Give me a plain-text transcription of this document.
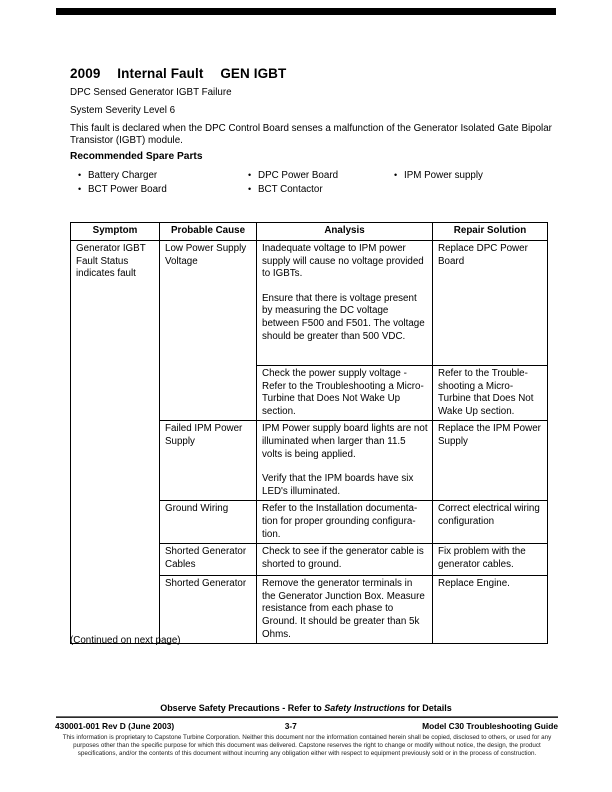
2009 Internal Fault GEN IGBT
DPC Sensed Generator IGBT Failure
System Severity Level 6
This fault is declared when the DPC Control Board senses a malfunction of the Generator Isolated Gate Bipolar Transistor (IGBT) module.
Recommended Spare Parts
• Battery Charger
• BCT Power Board
• DPC Power Board
• BCT Contactor
• IPM Power supply
Symptom	Probable Cause	Analysis	Repair Solution
Generator IGBT Fault Status indicates fault	Low Power Supply Voltage	Inadequate voltage to IPM power supply will cause no voltage provided to IGBTs.

Ensure that there is voltage present by measuring the DC voltage between F500 and F501. The voltage should be greater than 500 VDC.	Replace DPC Power Board

		Check the power supply voltage - Refer to the Troubleshooting a Micro-Turbine that Does Not Wake Up section.	Refer to the Trouble-shooting a Micro-Turbine that Does Not Wake Up section.
	Failed IPM Power Supply	IPM Power supply board lights are not illuminated when larger than 11.5 volts is being applied.

Verify that the IPM boards have six LED's illuminated.	Replace the IPM Power Supply
	Ground Wiring	Refer to the Installation documenta-tion for proper grounding configura-tion.	Correct electrical wiring configuration
	Shorted Generator Cables	Check to see if the generator cable is shorted to ground.	Fix problem with the generator cables.
	Shorted Generator	Remove the generator terminals in the Generator Junction Box. Measure resistance from each phase to Ground. It should be greater than 5k Ohms.	Replace Engine.
(Continued on next page)
Observe Safety Precautions - Refer to Safety Instructions for Details
430001-001 Rev D (June 2003)	3-7	Model C30 Troubleshooting Guide
This information is proprietary to Capstone Turbine Corporation. Neither this document nor the information contained herein shall be copied, disclosed to others, or used for any purposes other than the specific purpose for which this document was delivered. Capstone reserves the right to change or modify without notice, the design, the product specifications, and/or the contents of this document without incurring any obligation either with respect to equipment previously sold or in the process of construction.
